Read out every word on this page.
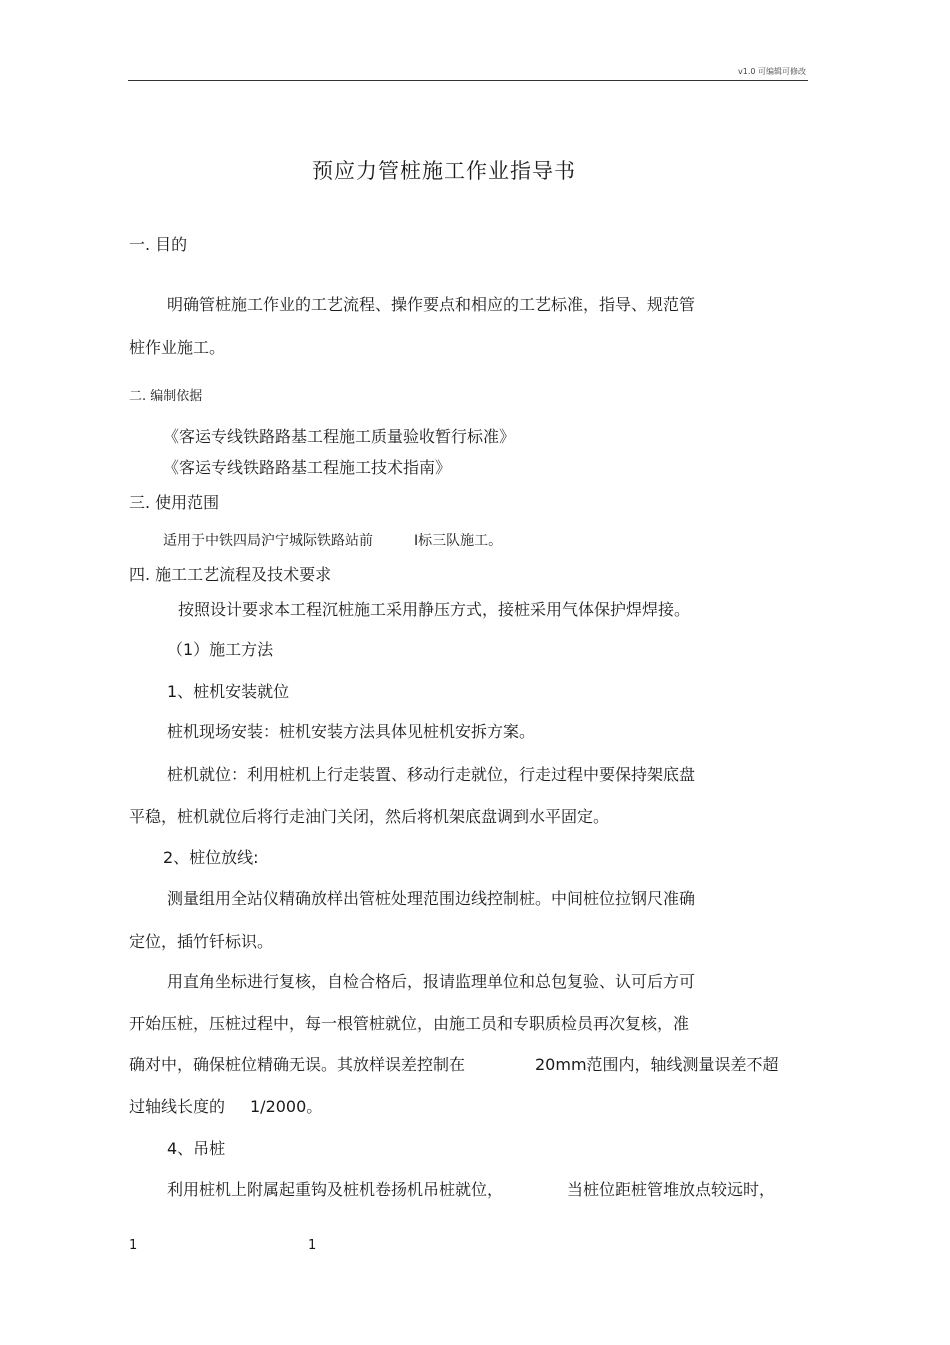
v1.0 可编辑可修改
预应力管桩施工作业指导书
一. 目的
明确管桩施工作业的工艺流程、操作要点和相应的工艺标准，指导、规范管
桩作业施工。
二. 编制依据
《客运专线铁路路基工程施工质量验收暂行标准》
《客运专线铁路路基工程施工技术指南》
三. 使用范围
适用于中铁四局沪宁城际铁路站前	Ⅰ标三队施工。
四. 施工工艺流程及技术要求
按照设计要求本工程沉桩施工采用静压方式，接桩采用气体保护焊焊接。
（1）施工方法
1、桩机安装就位
桩机现场安装：桩机安装方法具体见桩机安拆方案。
桩机就位：利用桩机上行走装置、移动行走就位，行走过程中要保持架底盘
平稳，桩机就位后将行走油门关闭，然后将机架底盘调到水平固定。
2、桩位放线:
测量组用全站仪精确放样出管桩处理范围边线控制桩。中间桩位拉钢尺准确
定位，插竹钎标识。
用直角坐标进行复核，自检合格后，报请监理单位和总包复验、认可后方可
开始压桩，压桩过程中，每一根管桩就位，由施工员和专职质检员再次复核，准
确对中，确保桩位精确无误。其放样误差控制在	20mm范围内，轴线测量误差不超
过轴线长度的 1/2000。
4、吊桩
利用桩机上附属起重钩及桩机卷扬机吊桩就位，	当桩位距桩管堆放点较远时，
1	1
